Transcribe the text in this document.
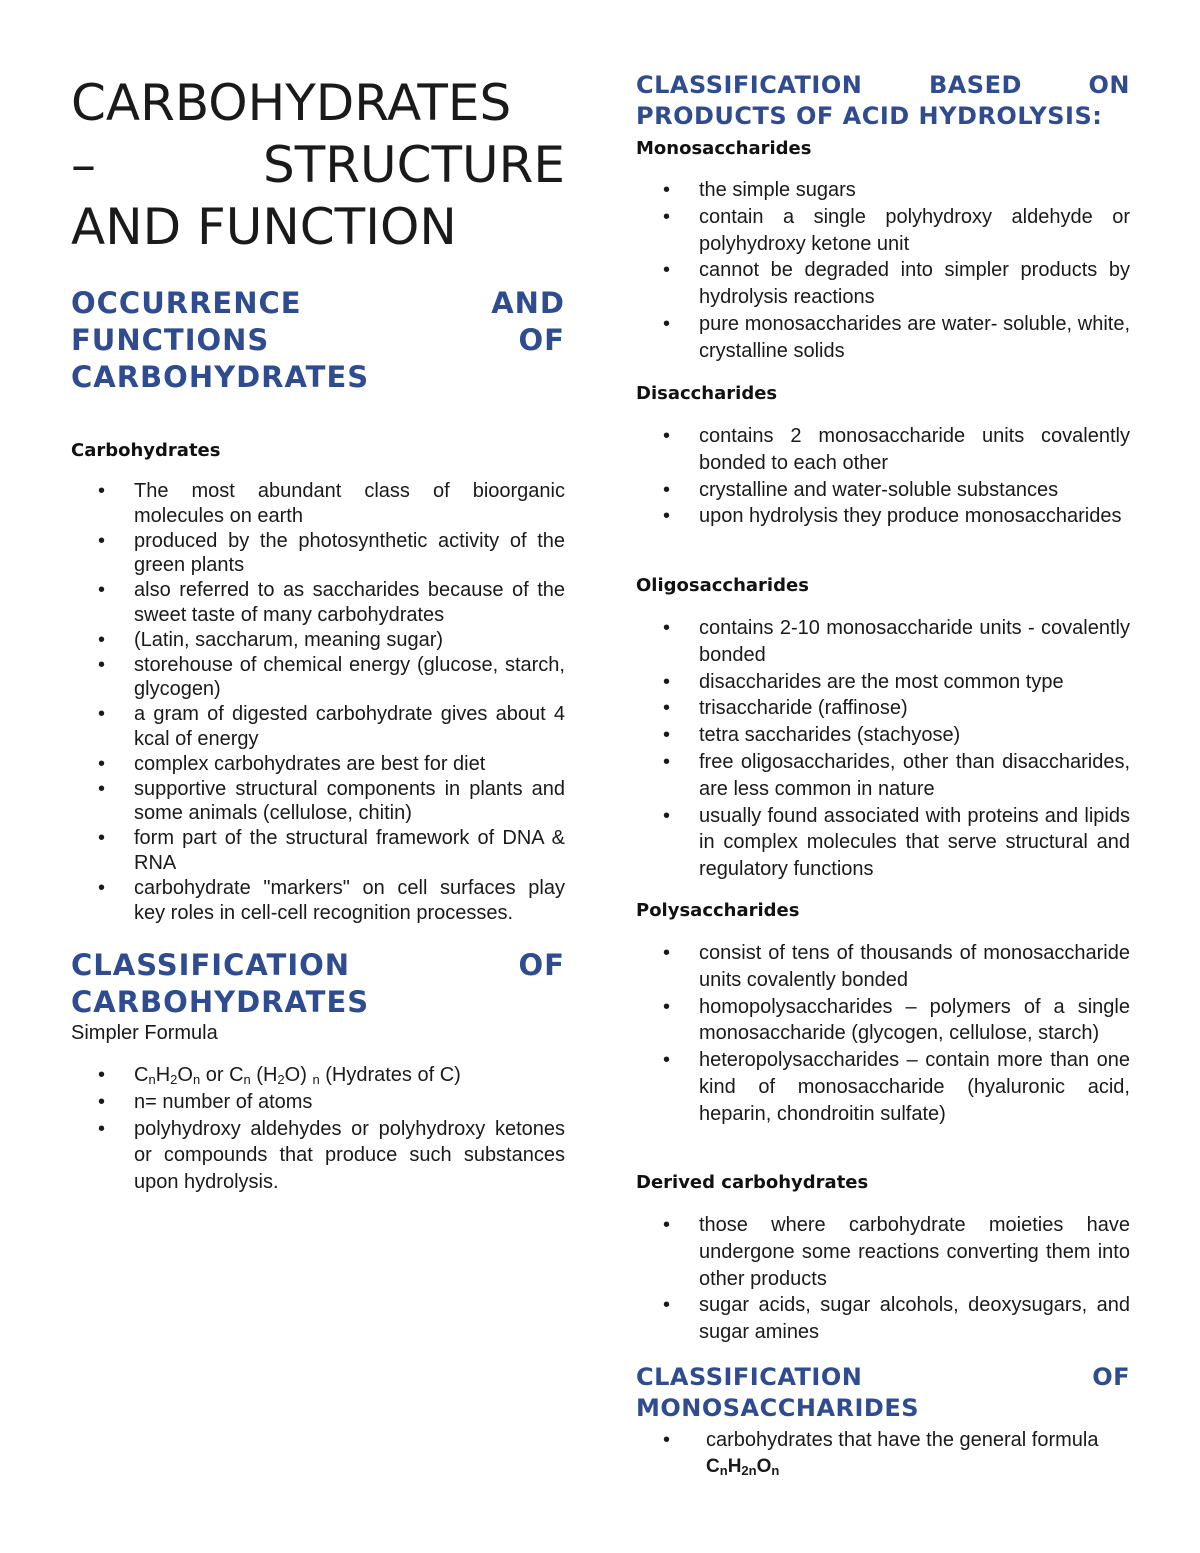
CARBOHYDRATES
– STRUCTURE
AND FUNCTION
OCCURRENCE AND
FUNCTIONS OF
CARBOHYDRATES
Carbohydrates
• The most abundant class of bioorganic molecules on earth
• produced by the photosynthetic activity of the green plants
• also referred to as saccharides because of the sweet taste of many carbohydrates
• (Latin, saccharum, meaning sugar)
• storehouse of chemical energy (glucose, starch, glycogen)
• a gram of digested carbohydrate gives about 4 kcal of energy
• complex carbohydrates are best for diet
• supportive structural components in plants and some animals (cellulose, chitin)
• form part of the structural framework of DNA & RNA
• carbohydrate "markers" on cell surfaces play key roles in cell-cell recognition processes.
CLASSIFICATION OF
CARBOHYDRATES

Simpler Formula

• $C_nH_2O_n$ or $C_n$ $(H_2O)$ $_n$ (Hydrates of C)
• n= number of atoms
• polyhydroxy aldehydes or polyhydroxy ketones or compounds that produce such substances upon hydrolysis.
CLASSIFICATION BASED ON
PRODUCTS OF ACID HYDROLYSIS:
Monosaccharides
• the simple sugars
• contain a single polyhydroxy aldehyde or polyhydroxy ketone unit
• cannot be degraded into simpler products by hydrolysis reactions
• pure monosaccharides are water- soluble, white, crystalline solids
Disaccharides
• contains 2 monosaccharide units covalently bonded to each other
• crystalline and water-soluble substances
• upon hydrolysis they produce monosaccharides
Oligosaccharides
• contains 2-10 monosaccharide units - covalently bonded
• disaccharides are the most common type
• trisaccharide (raffinose)
• tetra saccharides (stachyose)
• free oligosaccharides, other than disaccharides, are less common in nature
• usually found associated with proteins and lipids in complex molecules that serve structural and regulatory functions
Polysaccharides
• consist of tens of thousands of monosaccharide units covalently bonded
• homopolysaccharides – polymers of a single monosaccharide (glycogen, cellulose, starch)
• heteropolysaccharides – contain more than one kind of monosaccharide (hyaluronic acid, heparin, chondroitin sulfate)
Derived carbohydrates
• those where carbohydrate moieties have undergone some reactions converting them into other products
• sugar acids, sugar alcohols, deoxysugars, and sugar amines
CLASSIFICATION OF
MONOSACCHARIDES
• carbohydrates that have the general formula
$C_nH_{2n}O_n$
